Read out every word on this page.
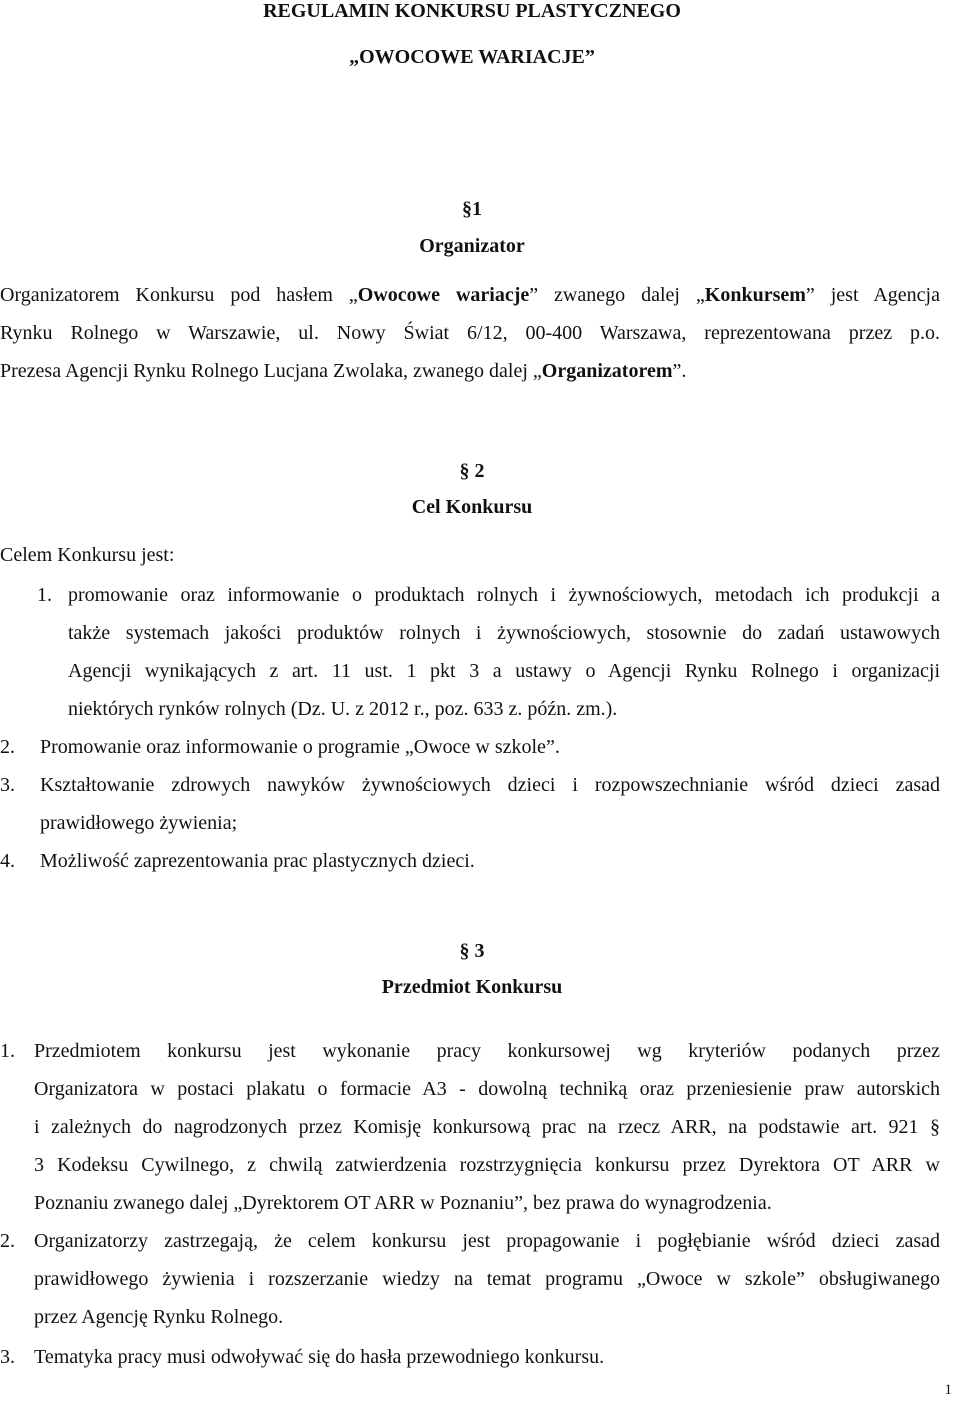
REGULAMIN KONKURSU PLASTYCZNEGO
„OWOCOWE WARIACJE”
§1
Organizator
Organizatorem Konkursu pod hasłem „Owocowe wariacje” zwanego dalej „Konkursem” jest Agencja
Rynku Rolnego w Warszawie, ul. Nowy Świat 6/12, 00-400 Warszawa, reprezentowana przez p.o.
Prezesa Agencji Rynku Rolnego Lucjana Zwolaka, zwanego dalej „Organizatorem”.
§ 2
Cel Konkursu
Celem Konkursu jest:
1. promowanie oraz informowanie o produktach rolnych i żywnościowych, metodach ich produkcji a
także systemach jakości produktów rolnych i żywnościowych, stosownie do zadań ustawowych
Agencji wynikających z art. 11 ust. 1 pkt 3 a ustawy o Agencji Rynku Rolnego i organizacji
niektórych rynków rolnych (Dz. U. z 2012 r., poz. 633 z. późn. zm.).
2. Promowanie oraz informowanie o programie „Owoce w szkole”.
3. Kształtowanie zdrowych nawyków żywnościowych dzieci i rozpowszechnianie wśród dzieci zasad
prawidłowego żywienia;
4. Możliwość zaprezentowania prac plastycznych dzieci.
§ 3
Przedmiot Konkursu
1. Przedmiotem konkursu jest wykonanie pracy konkursowej wg kryteriów podanych przez
Organizatora w postaci plakatu o formacie A3 - dowolną techniką oraz przeniesienie praw autorskich
i zależnych do nagrodzonych przez Komisję konkursową prac na rzecz ARR, na podstawie art. 921 §
3 Kodeksu Cywilnego, z chwilą zatwierdzenia rozstrzygnięcia konkursu przez Dyrektora OT ARR w
Poznaniu zwanego dalej „Dyrektorem OT ARR w Poznaniu”, bez prawa do wynagrodzenia.
2. Organizatorzy zastrzegają, że celem konkursu jest propagowanie i pogłębianie wśród dzieci zasad
prawidłowego żywienia i rozszerzanie wiedzy na temat programu „Owoce w szkole” obsługiwanego
przez Agencję Rynku Rolnego.
3. Tematyka pracy musi odwoływać się do hasła przewodniego konkursu.
1
